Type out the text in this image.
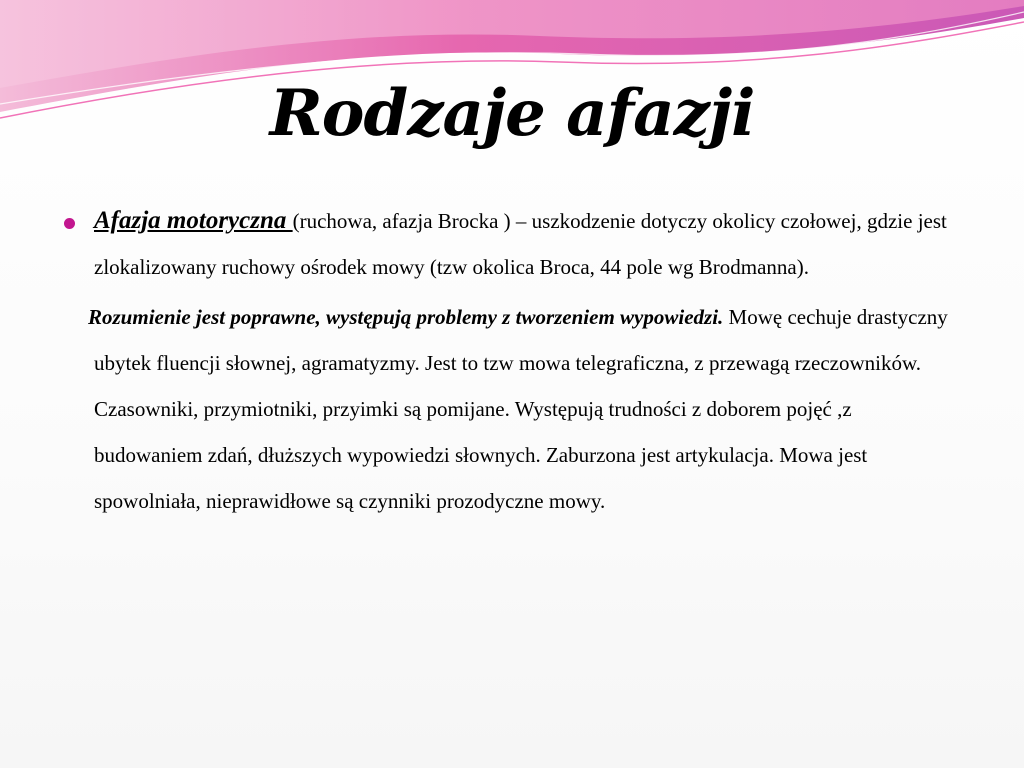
Rodzaje afazji

Afazja motoryczna (ruchowa, afazja Brocka ) – uszkodzenie dotyczy okolicy czołowej, gdzie jest zlokalizowany ruchowy ośrodek mowy (tzw okolica Broca, 44 pole wg Brodmanna).

Rozumienie jest poprawne, występują problemy z tworzeniem wypowiedzi. Mowę cechuje drastyczny ubytek fluencji słownej, agramatyzmy. Jest to tzw mowa telegraficzna, z przewagą rzeczowników. Czasowniki, przymiotniki, przyimki są pomijane. Występują trudności z doborem pojęć ,z budowaniem zdań, dłuższych wypowiedzi słownych. Zaburzona jest artykulacja. Mowa jest spowolniała, nieprawidłowe są czynniki prozodyczne mowy.
